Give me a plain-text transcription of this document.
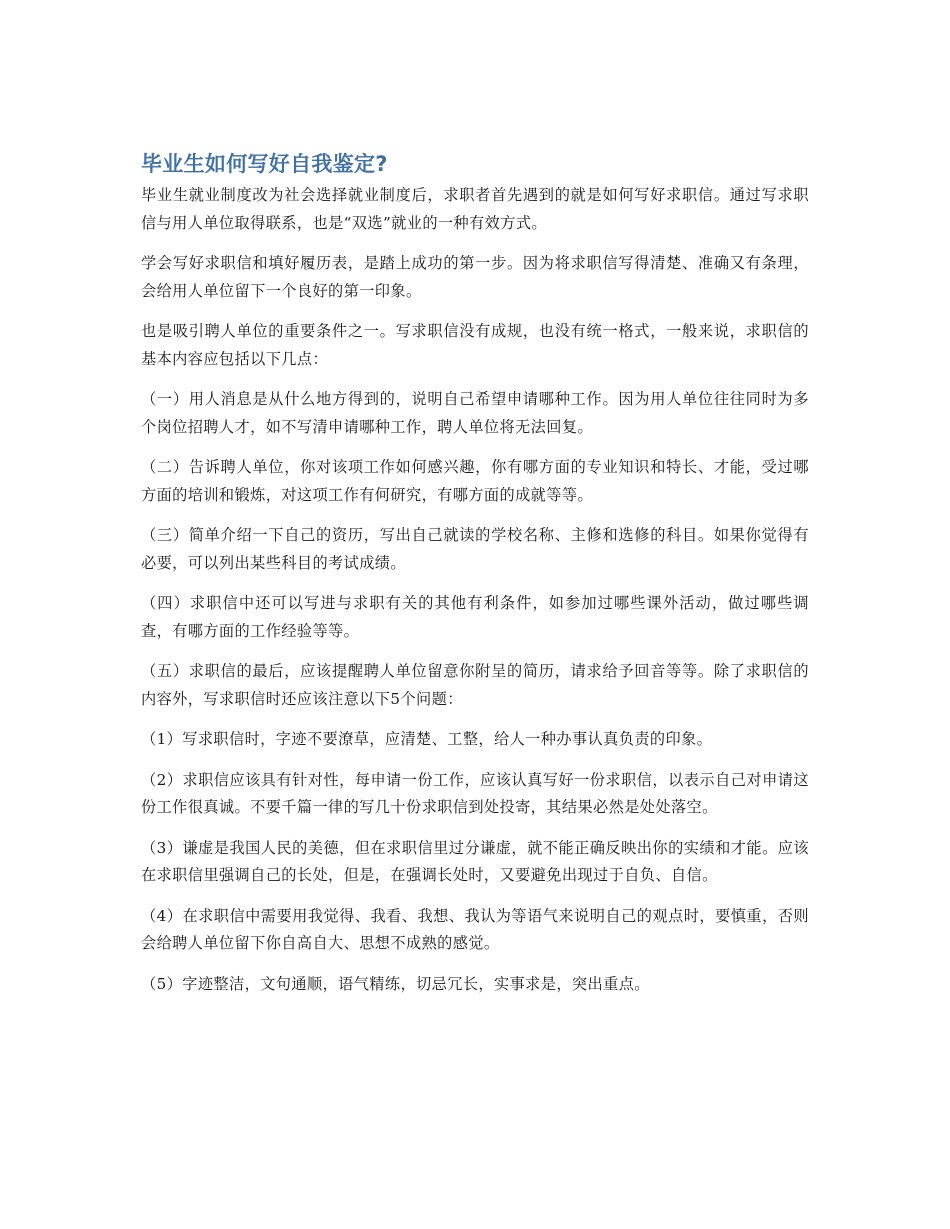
毕业生如何写好自我鉴定?

毕业生就业制度改为社会选择就业制度后，求职者首先遇到的就是如何写好求职信。通过写求职信与用人单位取得联系，也是“双选”就业的一种有效方式。

学会写好求职信和填好履历表，是踏上成功的第一步。因为将求职信写得清楚、准确又有条理，会给用人单位留下一个良好的第一印象。

也是吸引聘人单位的重要条件之一。写求职信没有成规，也没有统一格式，一般来说，求职信的基本内容应包括以下几点：

（一）用人消息是从什么地方得到的，说明自己希望申请哪种工作。因为用人单位往往同时为多个岗位招聘人才，如不写清申请哪种工作，聘人单位将无法回复。

（二）告诉聘人单位，你对该项工作如何感兴趣，你有哪方面的专业知识和特长、才能，受过哪方面的培训和锻炼，对这项工作有何研究，有哪方面的成就等等。

（三）简单介绍一下自己的资历，写出自己就读的学校名称、主修和选修的科目。如果你觉得有必要，可以列出某些科目的考试成绩。

（四）求职信中还可以写进与求职有关的其他有利条件，如参加过哪些课外活动，做过哪些调查，有哪方面的工作经验等等。

（五）求职信的最后，应该提醒聘人单位留意你附呈的简历，请求给予回音等等。除了求职信的内容外，写求职信时还应该注意以下5个问题：

（1）写求职信时，字迹不要潦草，应清楚、工整，给人一种办事认真负责的印象。

（2）求职信应该具有针对性，每申请一份工作，应该认真写好一份求职信，以表示自己对申请这份工作很真诚。不要千篇一律的写几十份求职信到处投寄，其结果必然是处处落空。

（3）谦虚是我国人民的美德，但在求职信里过分谦虚，就不能正确反映出你的实绩和才能。应该在求职信里强调自己的长处，但是，在强调长处时，又要避免出现过于自负、自信。

（4）在求职信中需要用我觉得、我看、我想、我认为等语气来说明自己的观点时，要慎重，否则会给聘人单位留下你自高自大、思想不成熟的感觉。

（5）字迹整洁，文句通顺，语气精练，切忌冗长，实事求是，突出重点。
